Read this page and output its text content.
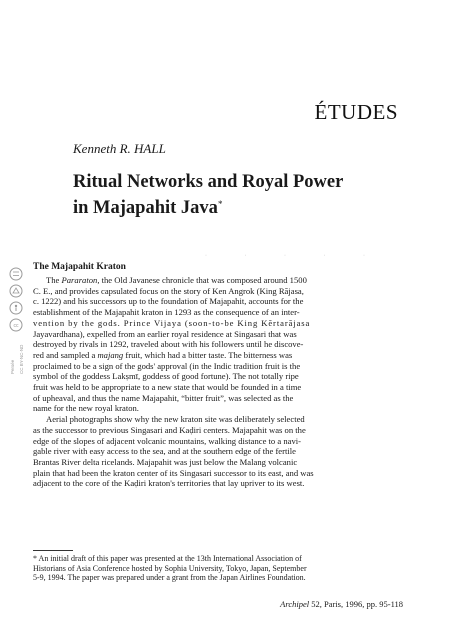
ÉTUDES
Kenneth R. HALL
Ritual Networks and Royal Power
in Majapahit Java*
· · · · ·
cc
Persée CC BY-NC-ND
The Majapahit Kraton

The Pararaton, the Old Javanese chronicle that was composed around 1500
C. E., and provides capsulated focus on the story of Ken Angrok (King Rājasa,
c. 1222) and his successors up to the foundation of Majapahit, accounts for the
establishment of the Majapahit kraton in 1293 as the consequence of an inter-
vention by the gods. Prince Vijaya (soon-to-be King Kĕrtarājasa
Jayavardhana), expelled from an earlier royal residence at Singasari that was
destroyed by rivals in 1292, traveled about with his followers until he discove-
red and sampled a majang fruit, which had a bitter taste. The bitterness was
proclaimed to be a sign of the gods' approval (in the Indic tradition fruit is the
symbol of the goddess Lakṣmī, goddess of good fortune). The not totally ripe
fruit was held to be appropriate to a new state that would be founded in a time
of upheaval, and thus the name Majapahit, “bitter fruit”, was selected as the
name for the new royal kraton.

Aerial photographs show why the new kraton site was deliberately selected
as the successor to previous Singasari and Kaḍiri centers. Majapahit was on the
edge of the slopes of adjacent volcanic mountains, walking distance to a navi-
gable river with easy access to the sea, and at the southern edge of the fertile
Brantas River delta ricelands. Majapahit was just below the Malang volcanic
plain that had been the kraton center of its Singasari successor to its east, and was
adjacent to the core of the Kaḍiri kraton's territories that lay upriver to its west.

* An initial draft of this paper was presented at the 13th International Association of
Historians of Asia Conference hosted by Sophia University, Tokyo, Japan, September
5-9, 1994. The paper was prepared under a grant from the Japan Airlines Foundation.
Archipel 52, Paris, 1996, pp. 95-118
